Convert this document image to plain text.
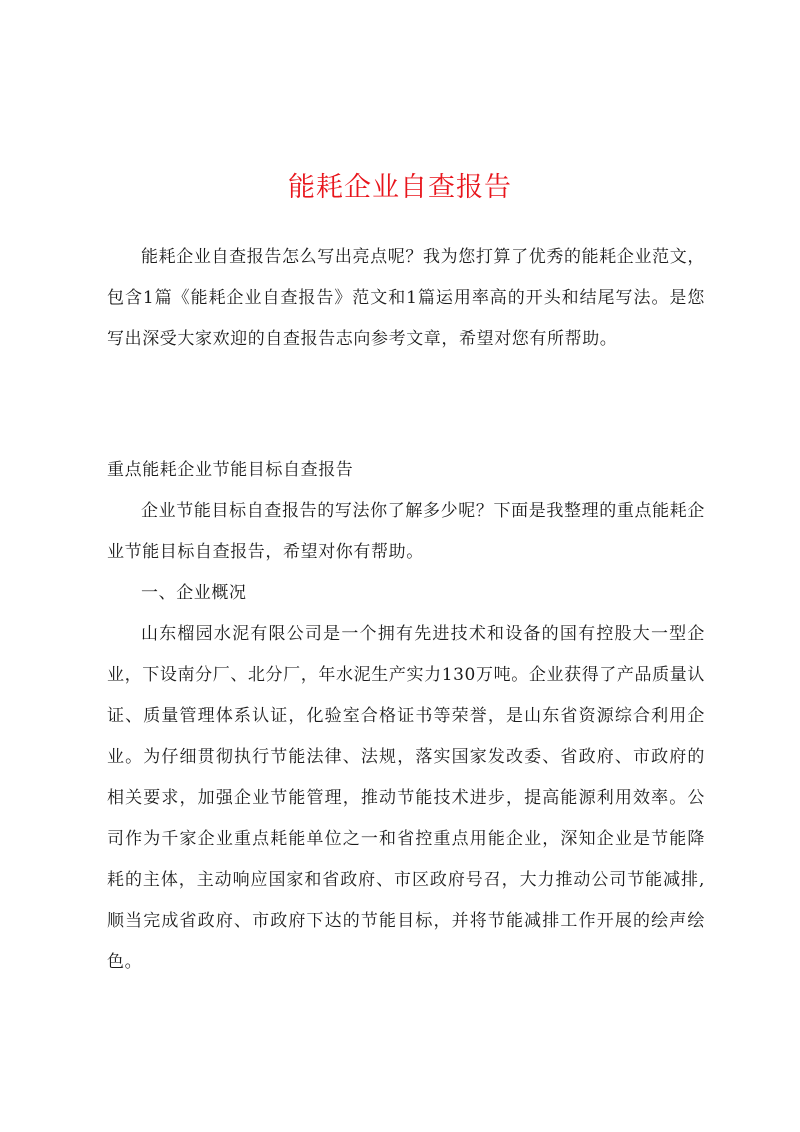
能耗企业自查报告

能耗企业自查报告怎么写出亮点呢？我为您打算了优秀的能耗企业范文，包含1篇《能耗企业自查报告》范文和1篇运用率高的开头和结尾写法。是您写出深受大家欢迎的自查报告志向参考文章，希望对您有所帮助。

重点能耗企业节能目标自查报告

企业节能目标自查报告的写法你了解多少呢？下面是我整理的重点能耗企业节能目标自查报告，希望对你有帮助。

一、企业概况

山东榴园水泥有限公司是一个拥有先进技术和设备的国有控股大一型企业，下设南分厂、北分厂，年水泥生产实力130万吨。企业获得了产品质量认证、质量管理体系认证，化验室合格证书等荣誉，是山东省资源综合利用企业。为仔细贯彻执行节能法律、法规，落实国家发改委、省政府、市政府的相关要求，加强企业节能管理，推动节能技术进步，提高能源利用效率。公司作为千家企业重点耗能单位之一和省控重点用能企业，深知企业是节能降耗的主体，主动响应国家和省政府、市区政府号召，大力推动公司节能减排,顺当完成省政府、市政府下达的节能目标，并将节能减排工作开展的绘声绘色。
